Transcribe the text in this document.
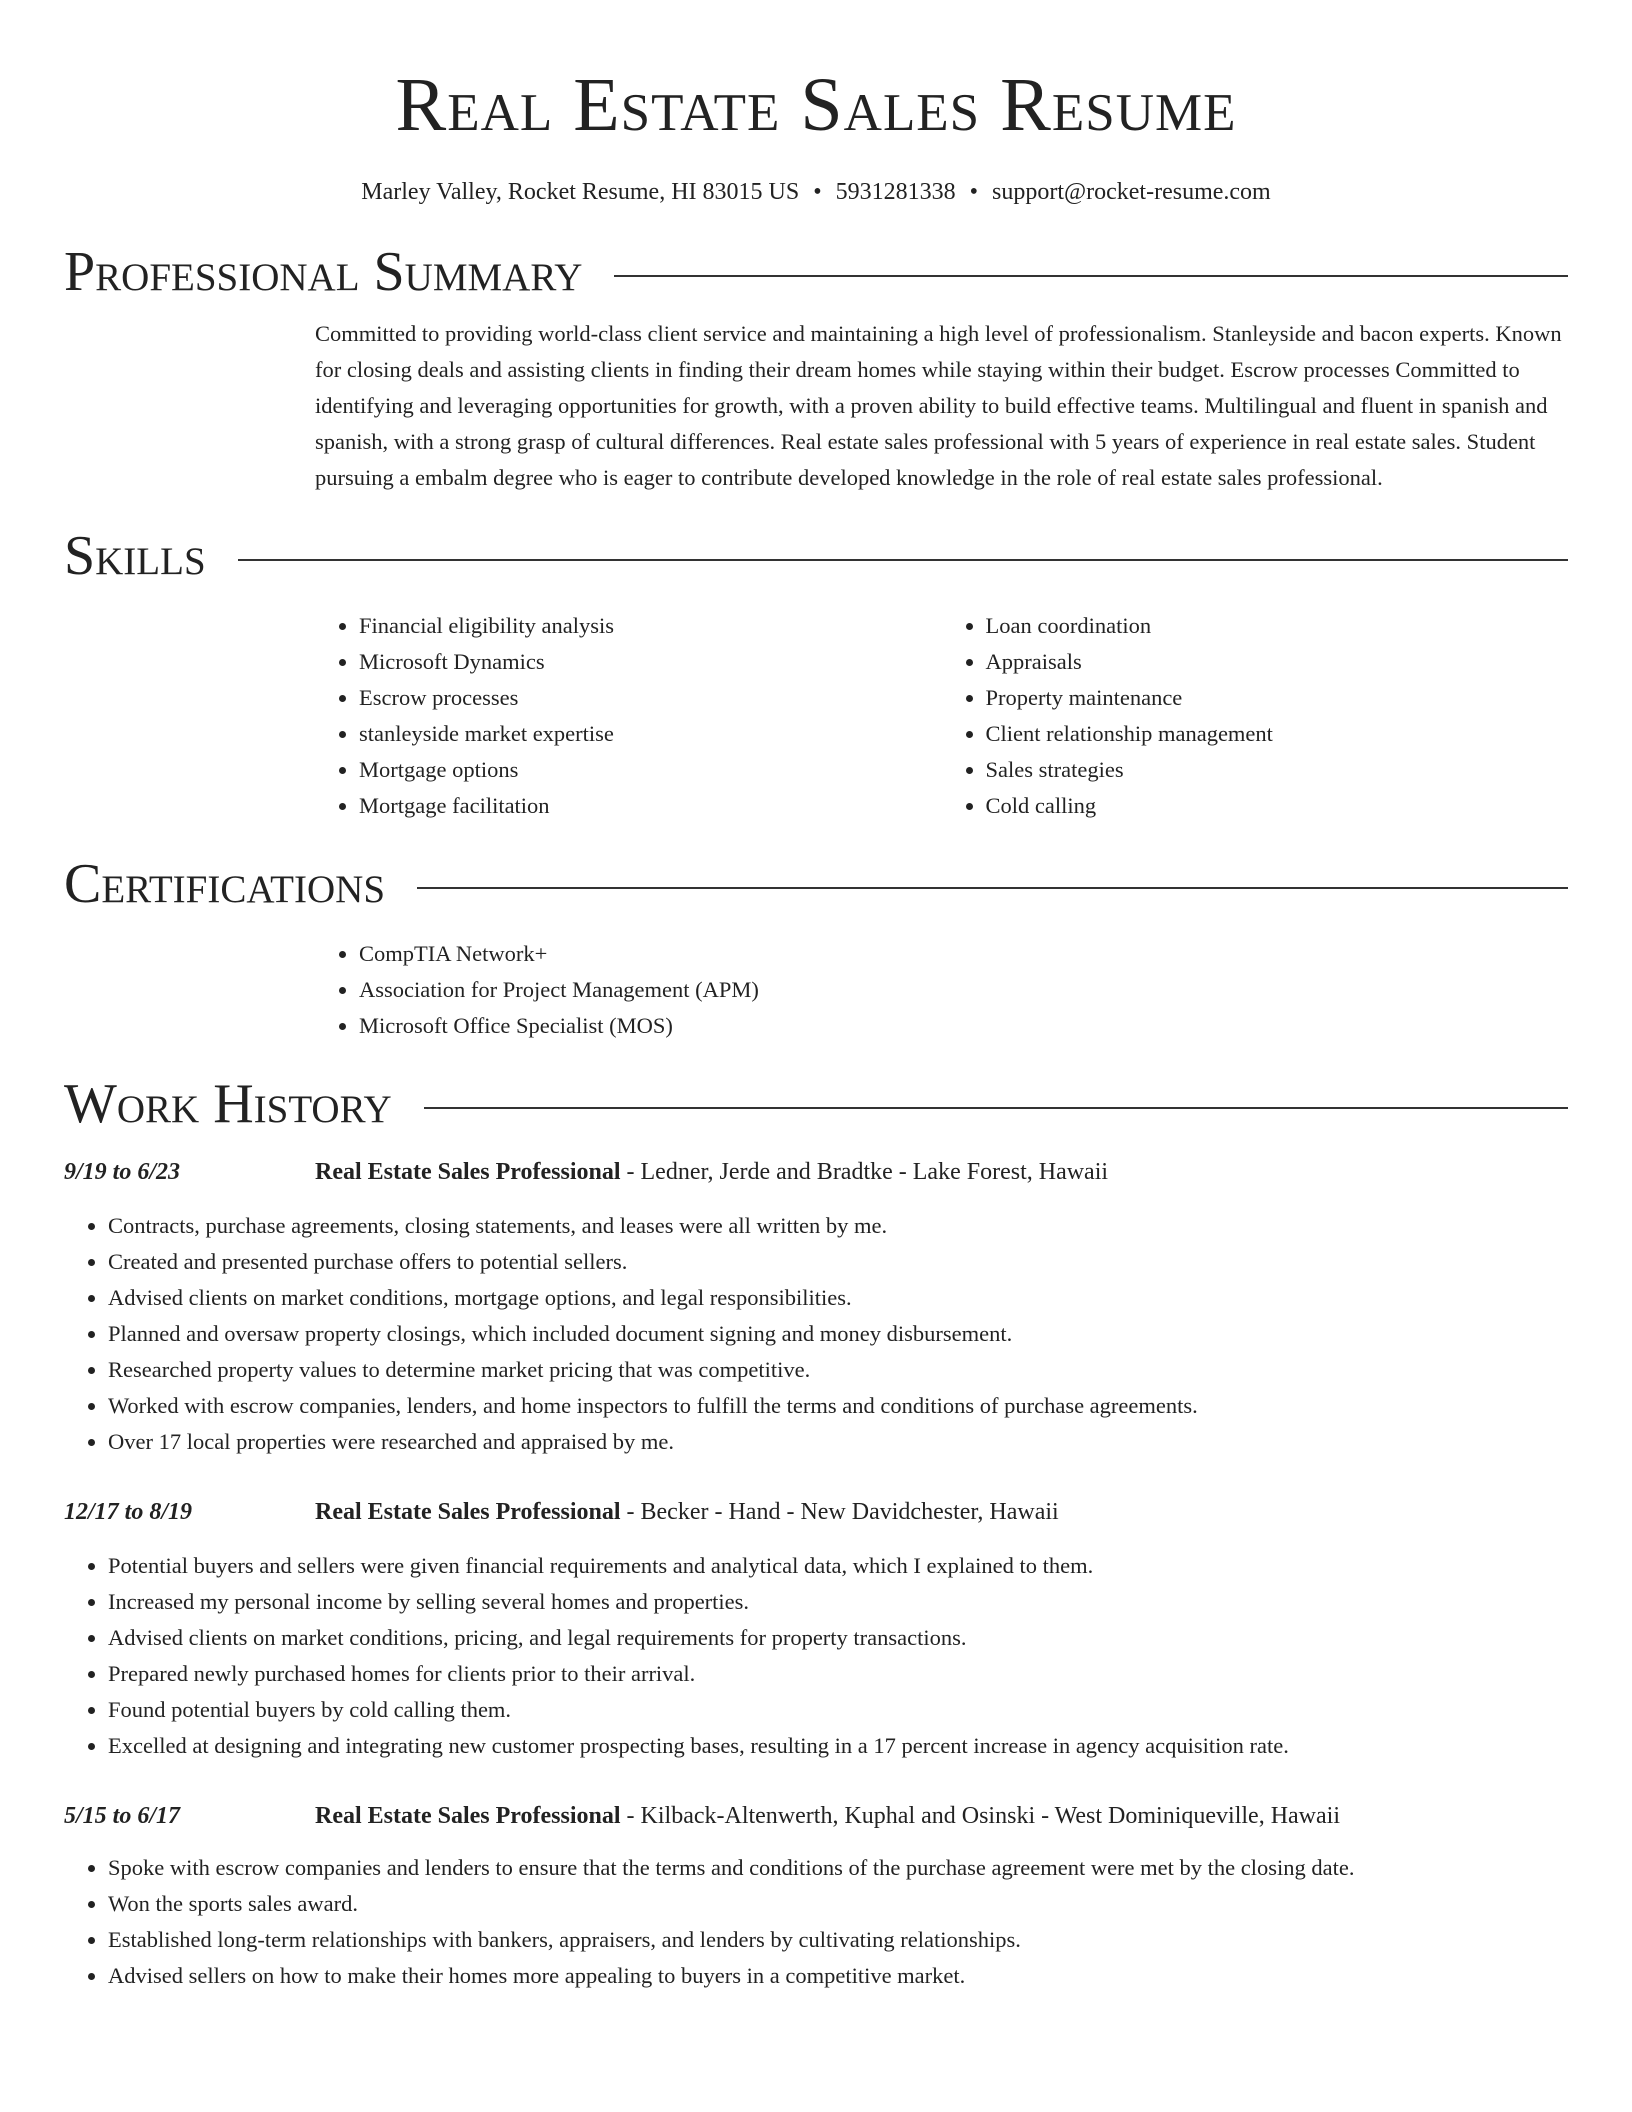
Real Estate Sales Resume
Marley Valley, Rocket Resume, HI 83015 US • 5931281338 • support@rocket-resume.com
Professional Summary

Committed to providing world-class client service and maintaining a high level of professionalism. Stanleyside and bacon experts. Known for closing deals and assisting clients in finding their dream homes while staying within their budget. Escrow processes Committed to identifying and leveraging opportunities for growth, with a proven ability to build effective teams. Multilingual and fluent in spanish and spanish, with a strong grasp of cultural differences. Real estate sales professional with 5 years of experience in real estate sales. Student pursuing a embalm degree who is eager to contribute developed knowledge in the role of real estate sales professional.

Skills
• Financial eligibility analysis
• Microsoft Dynamics
• Escrow processes
• stanleyside market expertise
• Mortgage options
• Mortgage facilitation
• Loan coordination
• Appraisals
• Property maintenance
• Client relationship management
• Sales strategies
• Cold calling
Certifications
• CompTIA Network+
• Association for Project Management (APM)
• Microsoft Office Specialist (MOS)
Work History
9/19 to 6/23	Real Estate Sales Professional - Ledner, Jerde and Bradtke - Lake Forest, Hawaii
• Contracts, purchase agreements, closing statements, and leases were all written by me.
• Created and presented purchase offers to potential sellers.
• Advised clients on market conditions, mortgage options, and legal responsibilities.
• Planned and oversaw property closings, which included document signing and money disbursement.
• Researched property values to determine market pricing that was competitive.
• Worked with escrow companies, lenders, and home inspectors to fulfill the terms and conditions of purchase agreements.
• Over 17 local properties were researched and appraised by me.
12/17 to 8/19	Real Estate Sales Professional - Becker - Hand - New Davidchester, Hawaii
• Potential buyers and sellers were given financial requirements and analytical data, which I explained to them.
• Increased my personal income by selling several homes and properties.
• Advised clients on market conditions, pricing, and legal requirements for property transactions.
• Prepared newly purchased homes for clients prior to their arrival.
• Found potential buyers by cold calling them.
• Excelled at designing and integrating new customer prospecting bases, resulting in a 17 percent increase in agency acquisition rate.
5/15 to 6/17	Real Estate Sales Professional - Kilback-Altenwerth, Kuphal and Osinski - West Dominiqueville, Hawaii
• Spoke with escrow companies and lenders to ensure that the terms and conditions of the purchase agreement were met by the closing date.
• Won the sports sales award.
• Established long-term relationships with bankers, appraisers, and lenders by cultivating relationships.
• Advised sellers on how to make their homes more appealing to buyers in a competitive market.
